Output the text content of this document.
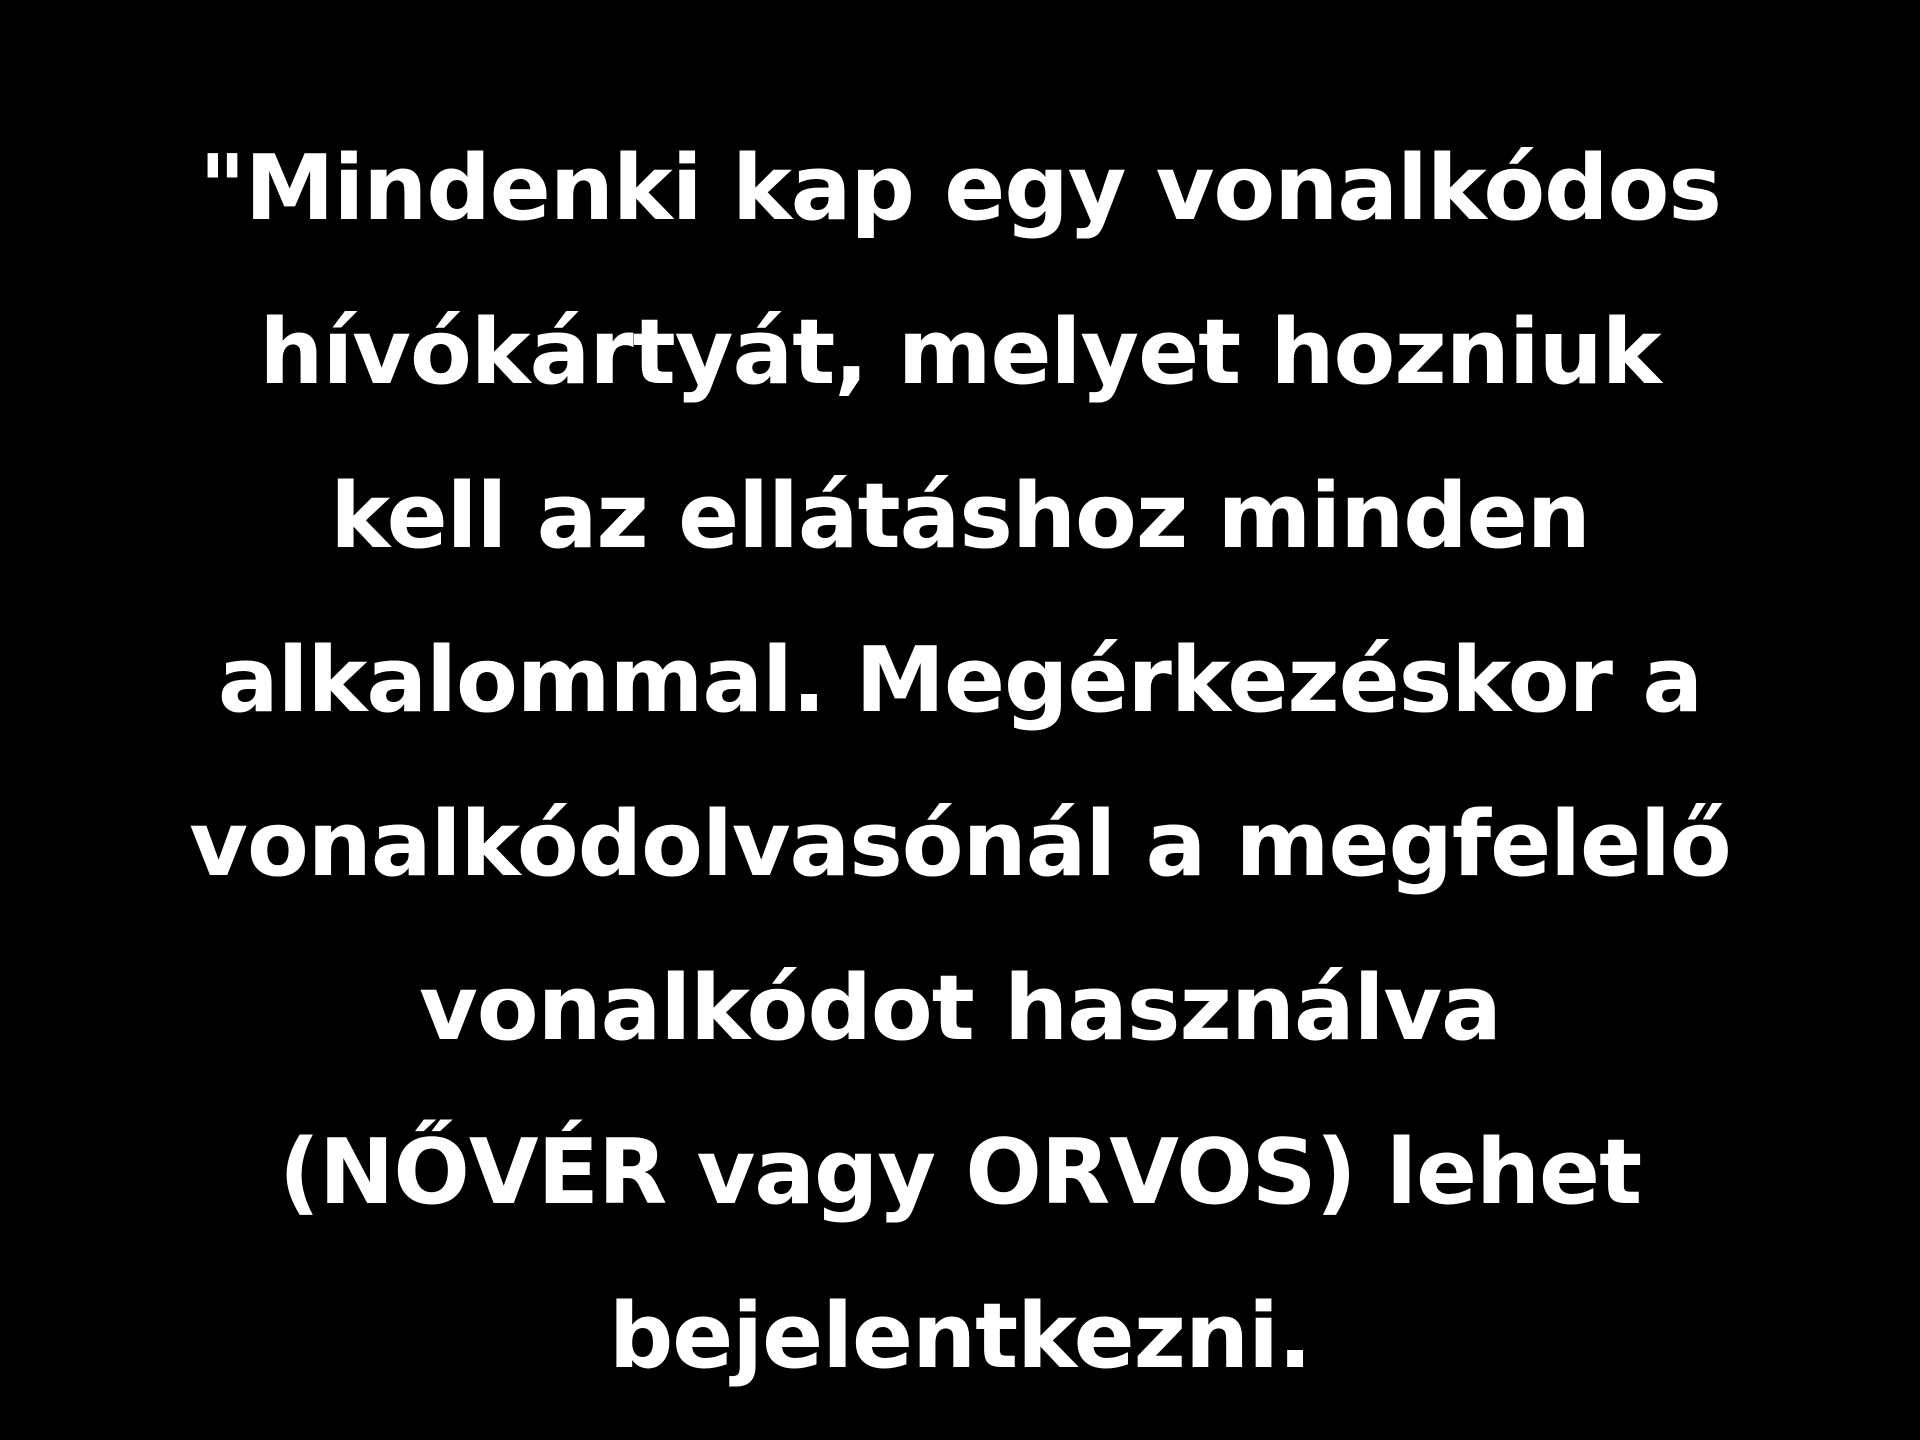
"Mindenki kap egy vonalkódos
hívókártyát, melyet hozniuk
kell az ellátáshoz minden
alkalommal. Megérkezéskor a
vonalkódolvasónál a megfelelő
vonalkódot használva
(NŐVÉR vagy ORVOS) lehet
bejelentkezni.
